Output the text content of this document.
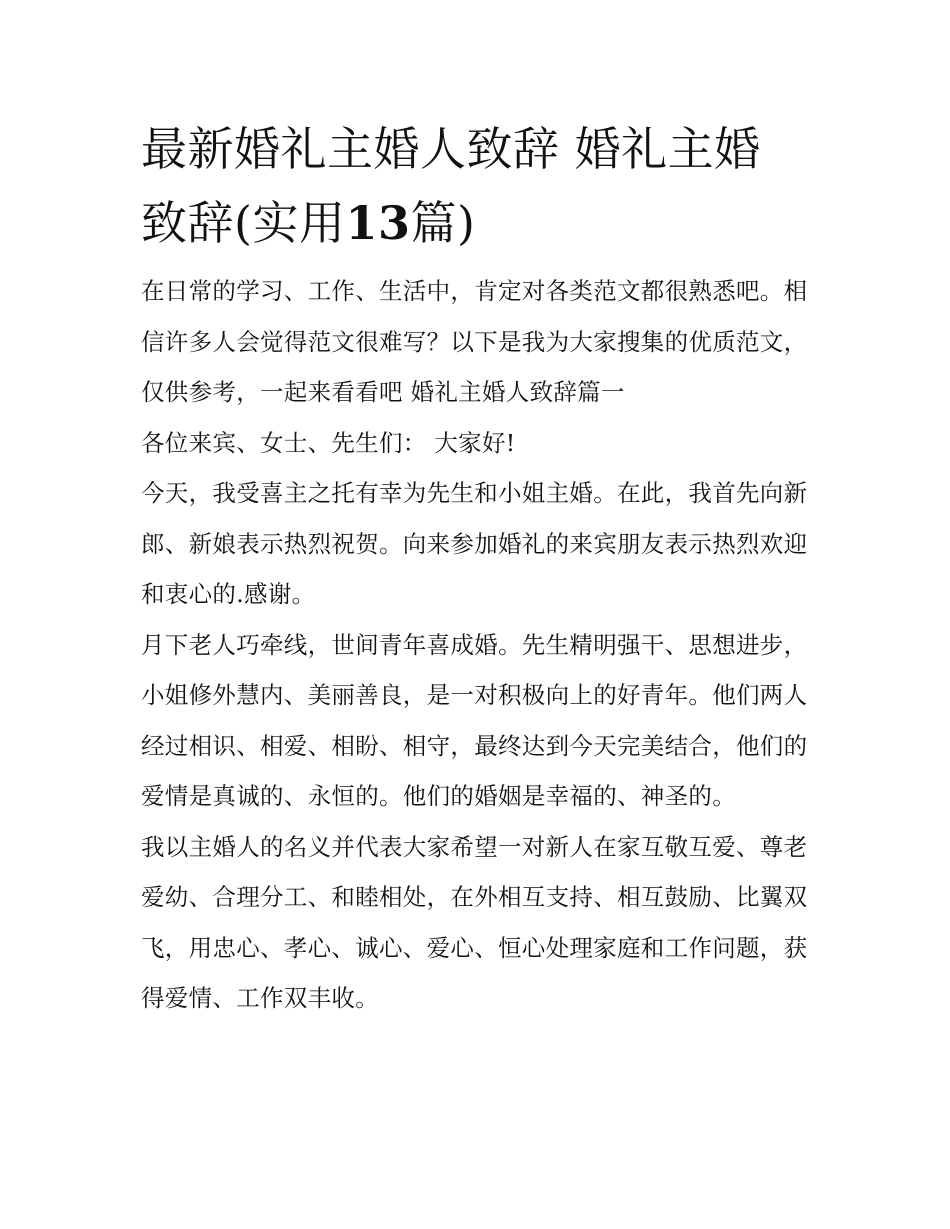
最新婚礼主婚人致辞 婚礼主婚
致辞(实用13篇)

在日常的学习、工作、生活中，肯定对各类范文都很熟悉吧。相信许多人会觉得范文很难写？以下是我为大家搜集的优质范文，仅供参考，一起来看看吧 婚礼主婚人致辞篇一

各位来宾、女士、先生们： 大家好!

今天，我受喜主之托有幸为先生和小姐主婚。在此，我首先向新郎、新娘表示热烈祝贺。向来参加婚礼的来宾朋友表示热烈欢迎和衷心的.感谢。

月下老人巧牵线，世间青年喜成婚。先生精明强干、思想进步，小姐修外慧内、美丽善良，是一对积极向上的好青年。他们两人经过相识、相爱、相盼、相守，最终达到今天完美结合，他们的爱情是真诚的、永恒的。他们的婚姻是幸福的、神圣的。

我以主婚人的名义并代表大家希望一对新人在家互敬互爱、尊老爱幼、合理分工、和睦相处，在外相互支持、相互鼓励、比翼双飞，用忠心、孝心、诚心、爱心、恒心处理家庭和工作问题，获得爱情、工作双丰收。
